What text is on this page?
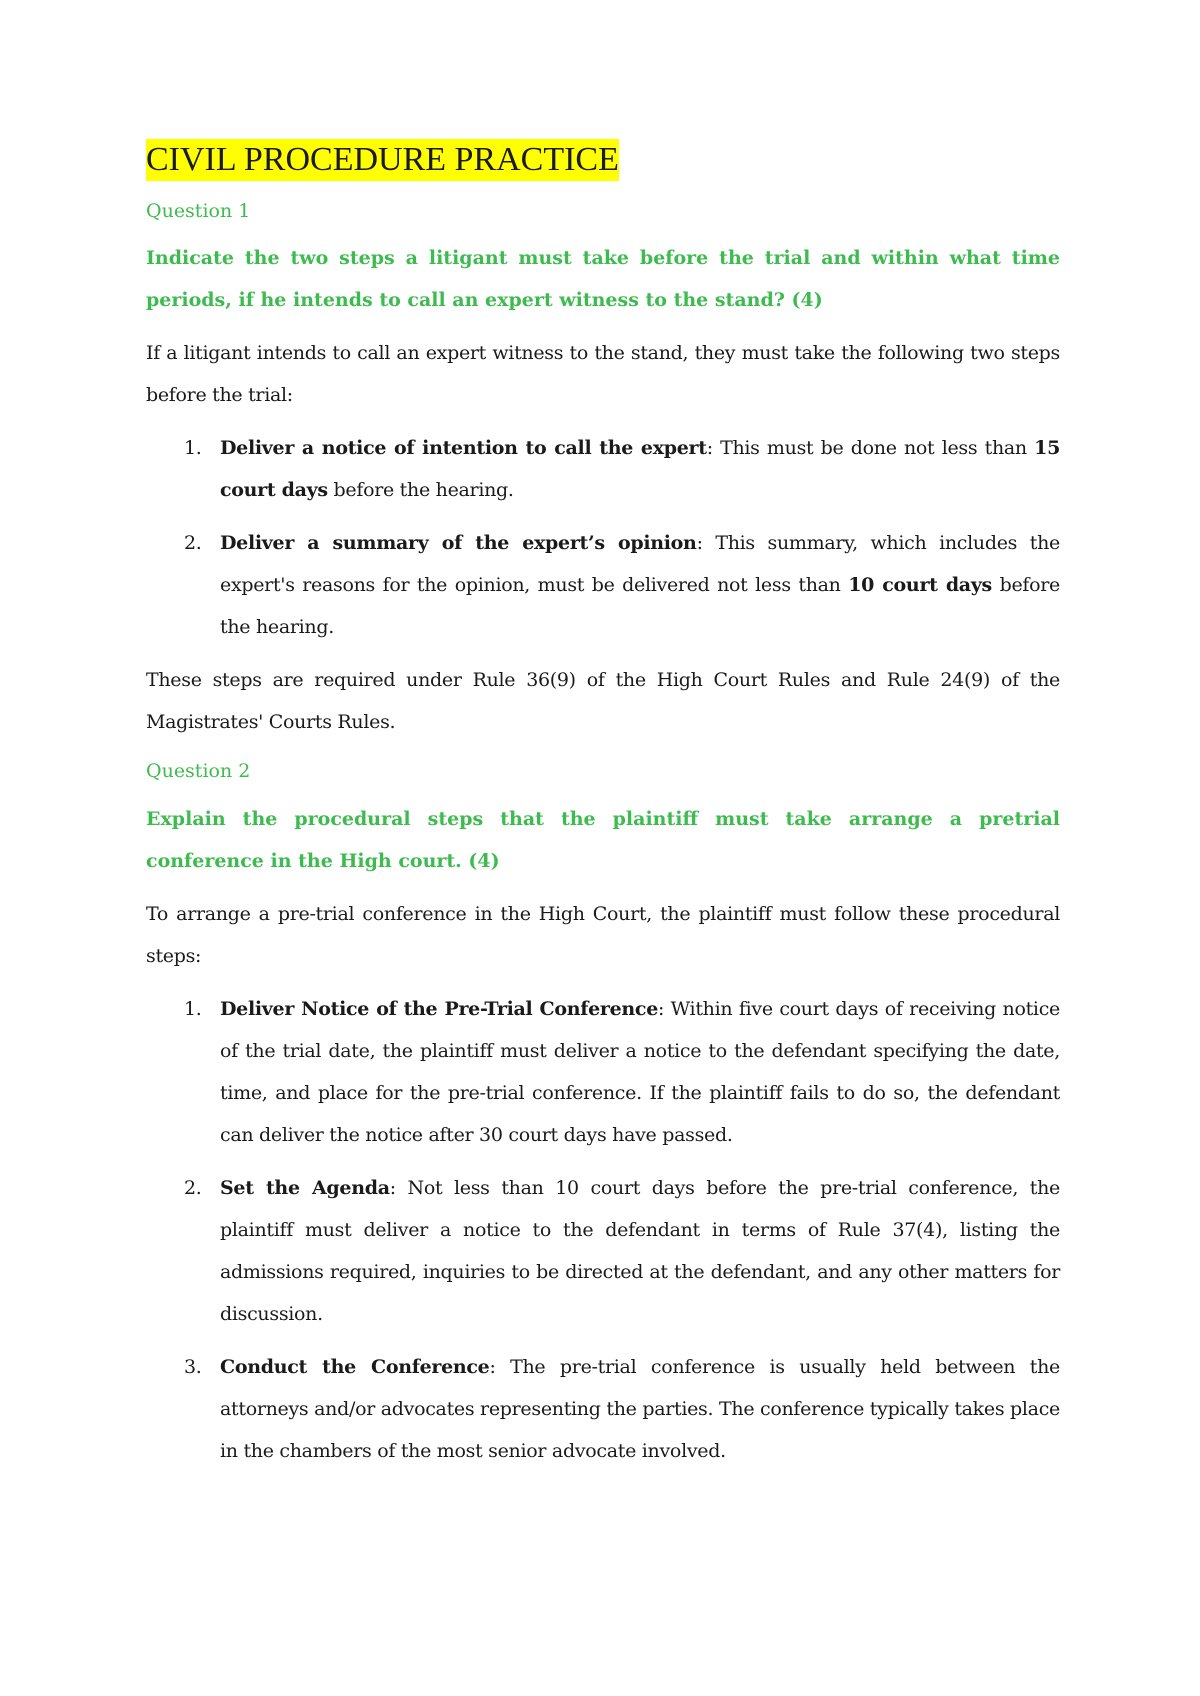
CIVIL PROCEDURE PRACTICE

Question 1

Indicate the two steps a litigant must take before the trial and within what time periods, if he intends to call an expert witness to the stand? (4)

If a litigant intends to call an expert witness to the stand, they must take the following two steps before the trial:

1. Deliver a notice of intention to call the expert: This must be done not less than 15 court days before the hearing.
2. Deliver a summary of the expert’s opinion: This summary, which includes the expert's reasons for the opinion, must be delivered not less than 10 court days before the hearing.

These steps are required under Rule 36(9) of the High Court Rules and Rule 24(9) of the Magistrates' Courts Rules.

Question 2

Explain the procedural steps that the plaintiff must take arrange a pretrial conference in the High court. (4)

To arrange a pre-trial conference in the High Court, the plaintiff must follow these procedural steps:

1. Deliver Notice of the Pre-Trial Conference: Within five court days of receiving notice of the trial date, the plaintiff must deliver a notice to the defendant specifying the date, time, and place for the pre-trial conference. If the plaintiff fails to do so, the defendant can deliver the notice after 30 court days have passed.
2. Set the Agenda: Not less than 10 court days before the pre-trial conference, the plaintiff must deliver a notice to the defendant in terms of Rule 37(4), listing the admissions required, inquiries to be directed at the defendant, and any other matters for discussion.
3. Conduct the Conference: The pre-trial conference is usually held between the attorneys and/or advocates representing the parties. The conference typically takes place in the chambers of the most senior advocate involved.
